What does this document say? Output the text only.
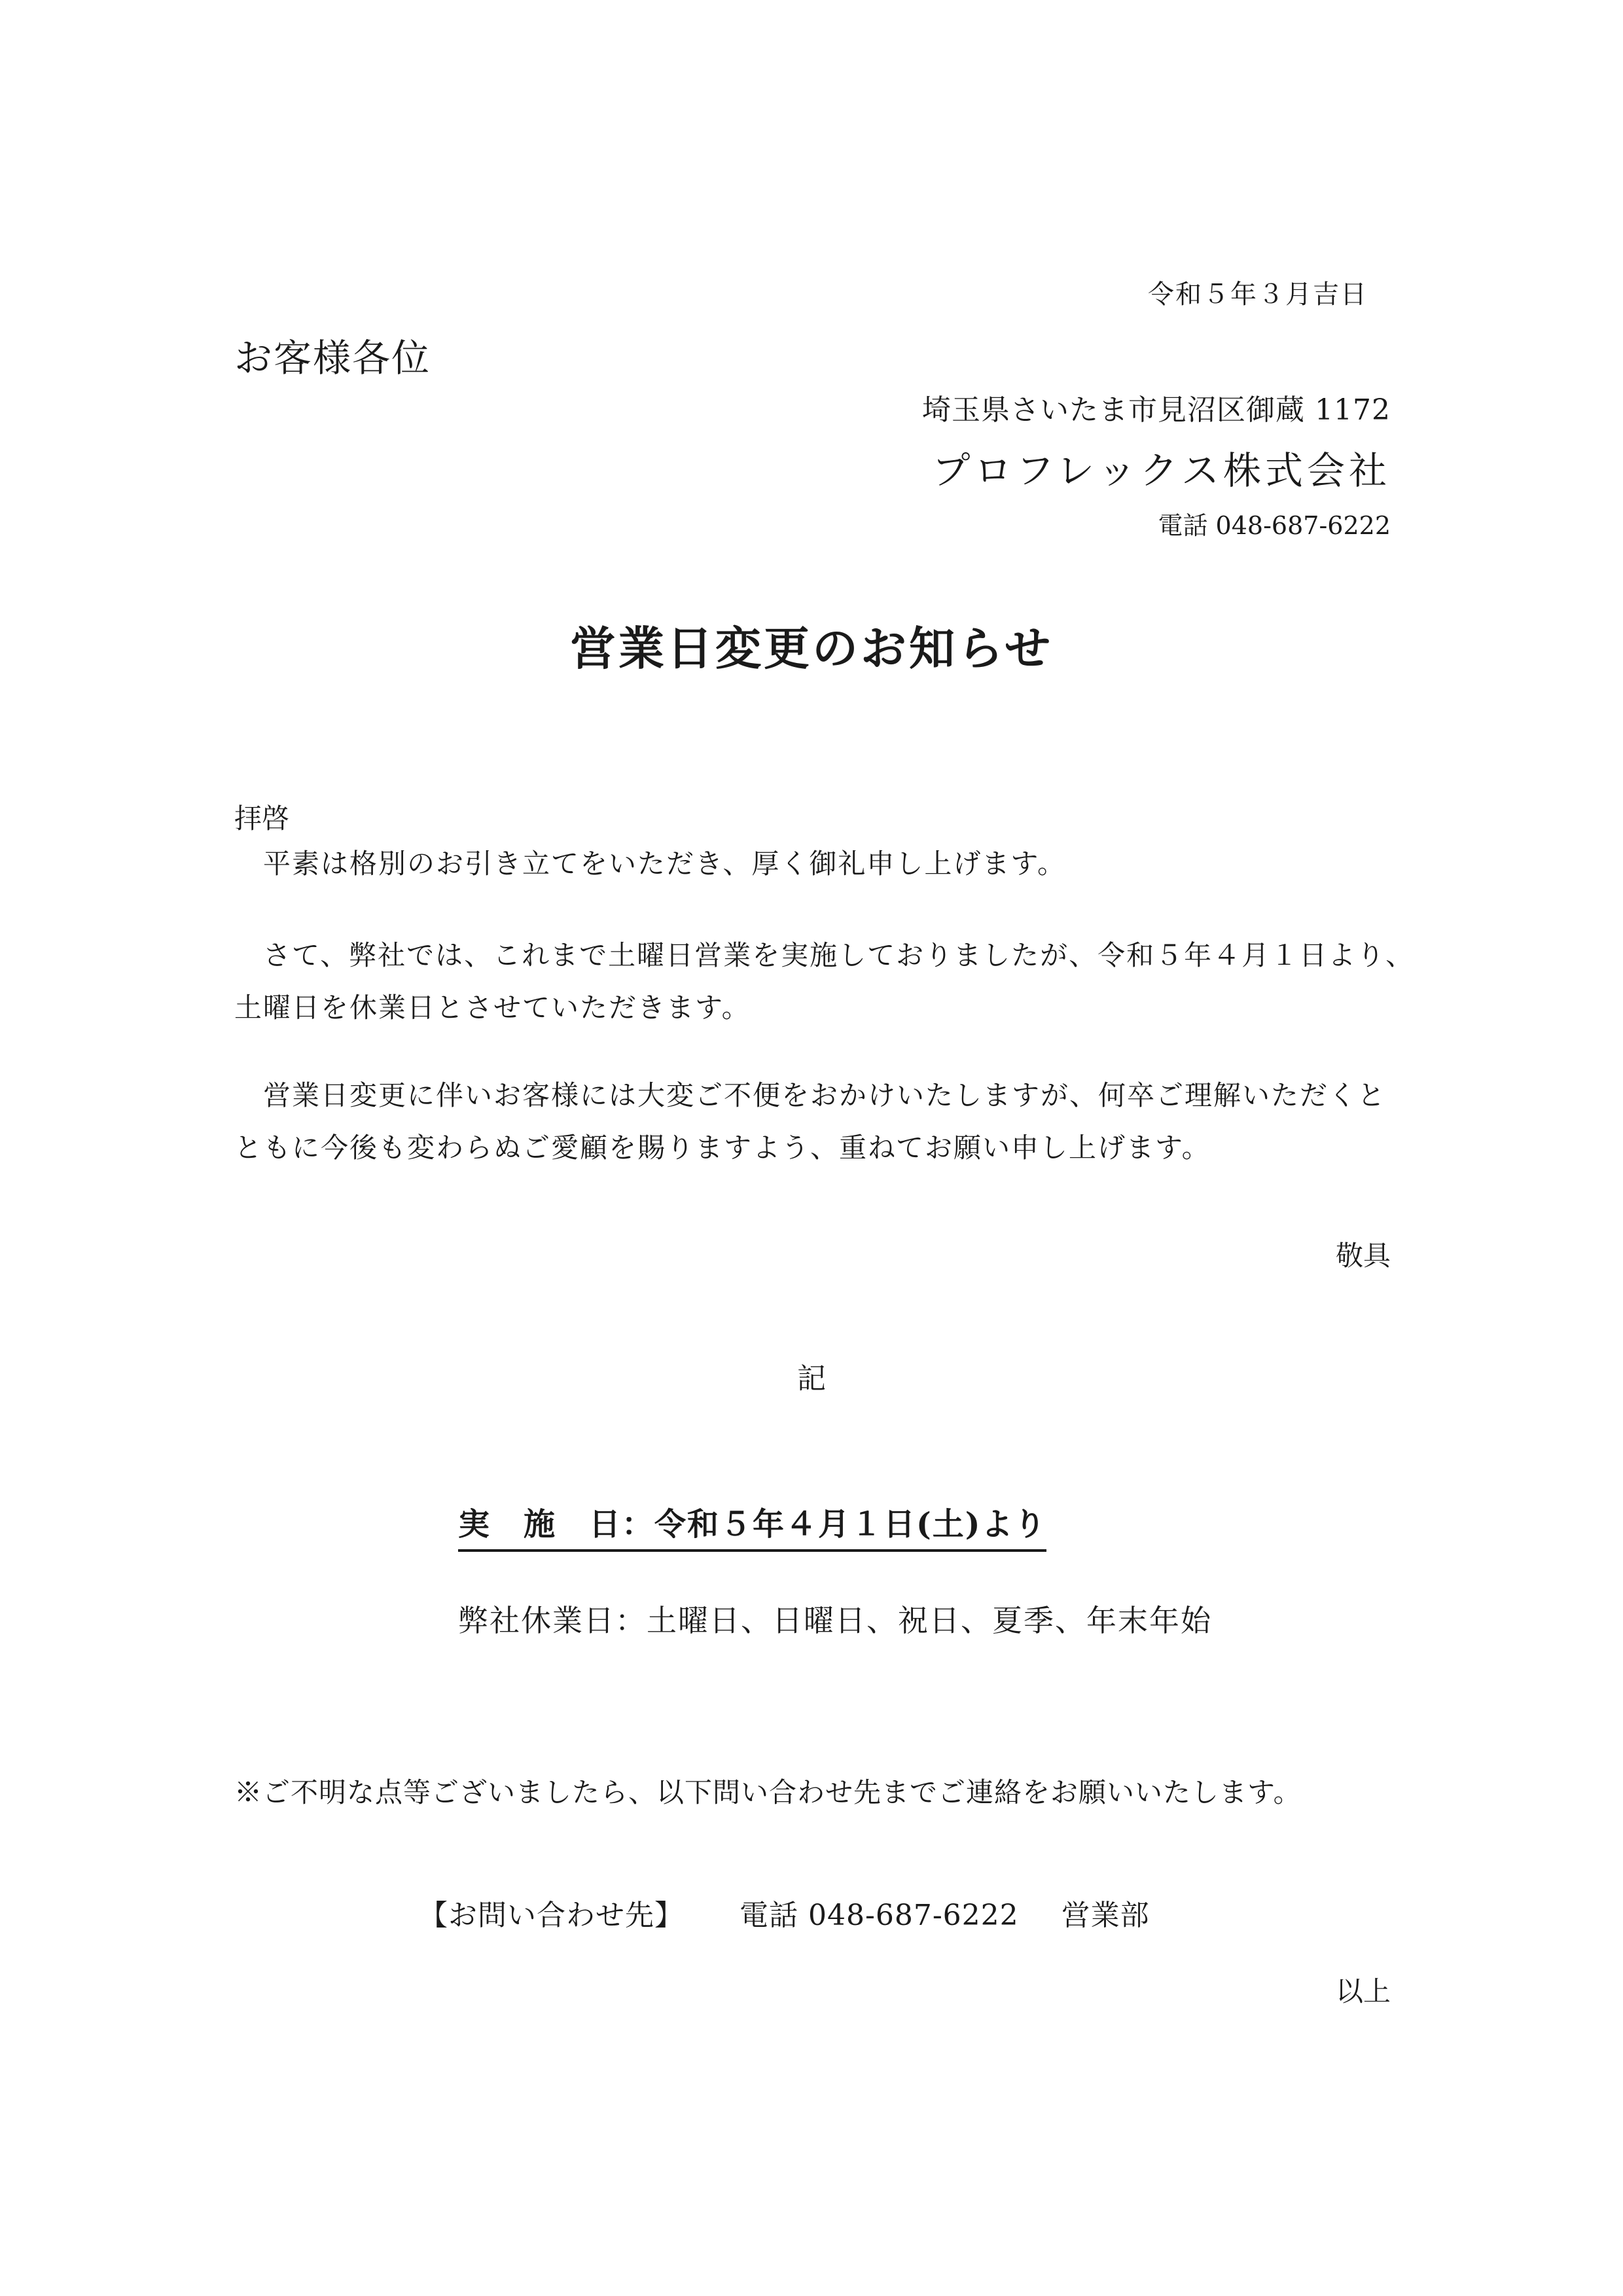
令和５年３月吉日
お客様各位
埼玉県さいたま市見沼区御蔵 1172
プロフレックス株式会社
電話 048-687-6222
営業日変更のお知らせ
拝啓
　平素は格別のお引き立てをいただき、厚く御礼申し上げます。
　さて、弊社では、これまで土曜日営業を実施しておりましたが、令和５年４月１日より、
土曜日を休業日とさせていただきます。
　営業日変更に伴いお客様には大変ご不便をおかけいたしますが、何卒ご理解いただくと
ともに今後も変わらぬご愛顧を賜りますよう、重ねてお願い申し上げます。
敬具
記
実　施　日：令和５年４月１日(土)より
弊社休業日：土曜日、日曜日、祝日、夏季、年末年始
※ご不明な点等ございましたら、以下問い合わせ先までご連絡をお願いいたします。
【お問い合わせ先】 電話 048-687-6222 営業部
以上
